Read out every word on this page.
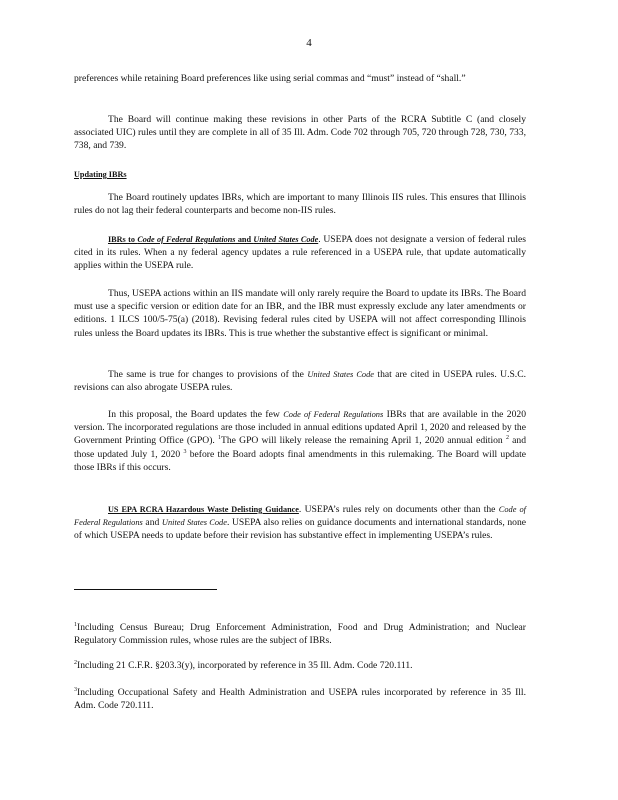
4

preferences while retaining Board preferences like using serial commas and “must” instead of “shall.”

The Board will continue making these revisions in other Parts of the RCRA Subtitle C (and closely associated UIC) rules until they are complete in all of 35 Ill. Adm. Code 702 through 705, 720 through 728, 730, 733, 738, and 739.

Updating IBRs

The Board routinely updates IBRs, which are important to many Illinois IIS rules. This ensures that Illinois rules do not lag their federal counterparts and become non-IIS rules.

IBRs to Code of Federal Regulations and United States Code. USEPA does not designate a version of federal rules cited in its rules. When a ny federal agency updates a rule referenced in a USEPA rule, that update automatically applies within the USEPA rule.

Thus, USEPA actions within an IIS mandate will only rarely require the Board to update its IBRs. The Board must use a specific version or edition date for an IBR, and the IBR must expressly exclude any later amendments or editions. 1 ILCS 100/5-75(a) (2018). Revising federal rules cited by USEPA will not affect corresponding Illinois rules unless the Board updates its IBRs. This is true whether the substantive effect is significant or minimal.

The same is true for changes to provisions of the United States Code that are cited in USEPA rules. U.S.C. revisions can also abrogate USEPA rules.

In this proposal, the Board updates the few Code of Federal Regulations IBRs that are available in the 2020 version. The incorporated regulations are those included in annual editions updated April 1, 2020 and released by the Government Printing Office (GPO). $^1$The GPO will likely release the remaining April 1, 2020 annual edition $^2$ and those updated July 1, 2020 $^3$ before the Board adopts final amendments in this rulemaking. The Board will update those IBRs if this occurs.

US EPA RCRA Hazardous Waste Delisting Guidance. USEPA’s rules rely on documents other than the Code of Federal Regulations and United States Code. USEPA also relies on guidance documents and international standards, none of which USEPA needs to update before their revision has substantive effect in implementing USEPA’s rules.

$^1$Including Census Bureau; Drug Enforcement Administration, Food and Drug Administration; and Nuclear Regulatory Commission rules, whose rules are the subject of IBRs.

$^2$Including 21 C.F.R. §203.3(y), incorporated by reference in 35 Ill. Adm. Code 720.111.

$^3$Including Occupational Safety and Health Administration and USEPA rules incorporated by reference in 35 Ill. Adm. Code 720.111.
